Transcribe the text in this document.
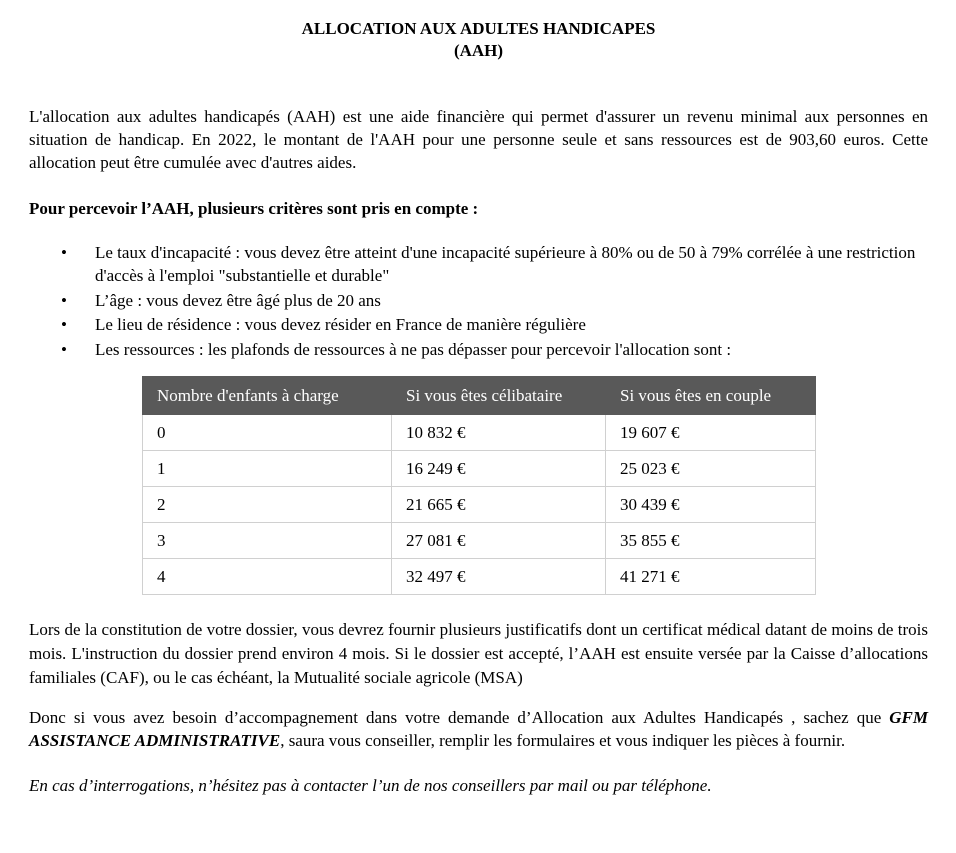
ALLOCATION AUX ADULTES HANDICAPES
(AAH)

L'allocation aux adultes handicapés (AAH) est une aide financière qui permet d'assurer un revenu minimal aux personnes en situation de handicap. En 2022, le montant de l'AAH pour une personne seule et sans ressources est de 903,60 euros. Cette allocation peut être cumulée avec d'autres aides.

Pour percevoir l’AAH, plusieurs critères sont pris en compte :

• Le taux d'incapacité : vous devez être atteint d'une incapacité supérieure à 80% ou de 50 à 79% corrélée à une restriction d'accès à l'emploi "substantielle et durable"
• L’âge : vous devez être âgé plus de 20 ans
• Le lieu de résidence : vous devez résider en France de manière régulière
• Les ressources : les plafonds de ressources à ne pas dépasser pour percevoir l'allocation sont :
Nombre d'enfants à charge	Si vous êtes célibataire	Si vous êtes en couple
0	10 832 €	19 607 €
1	16 249 €	25 023 €
2	21 665 €	30 439 €
3	27 081 €	35 855 €
4	32 497 €	41 271 €

Lors de la constitution de votre dossier, vous devrez fournir plusieurs justificatifs dont un certificat médical datant de moins de trois mois. L'instruction du dossier prend environ 4 mois. Si le dossier est accepté, l’AAH est ensuite versée par la Caisse d’allocations familiales (CAF), ou le cas échéant, la Mutualité sociale agricole (MSA)

Donc si vous avez besoin d’accompagnement dans votre demande d’Allocation aux Adultes Handicapés , sachez que GFM ASSISTANCE ADMINISTRATIVE, saura vous conseiller, remplir les formulaires et vous indiquer les pièces à fournir.

En cas d’interrogations, n’hésitez pas à contacter l’un de nos conseillers par mail ou par téléphone.
